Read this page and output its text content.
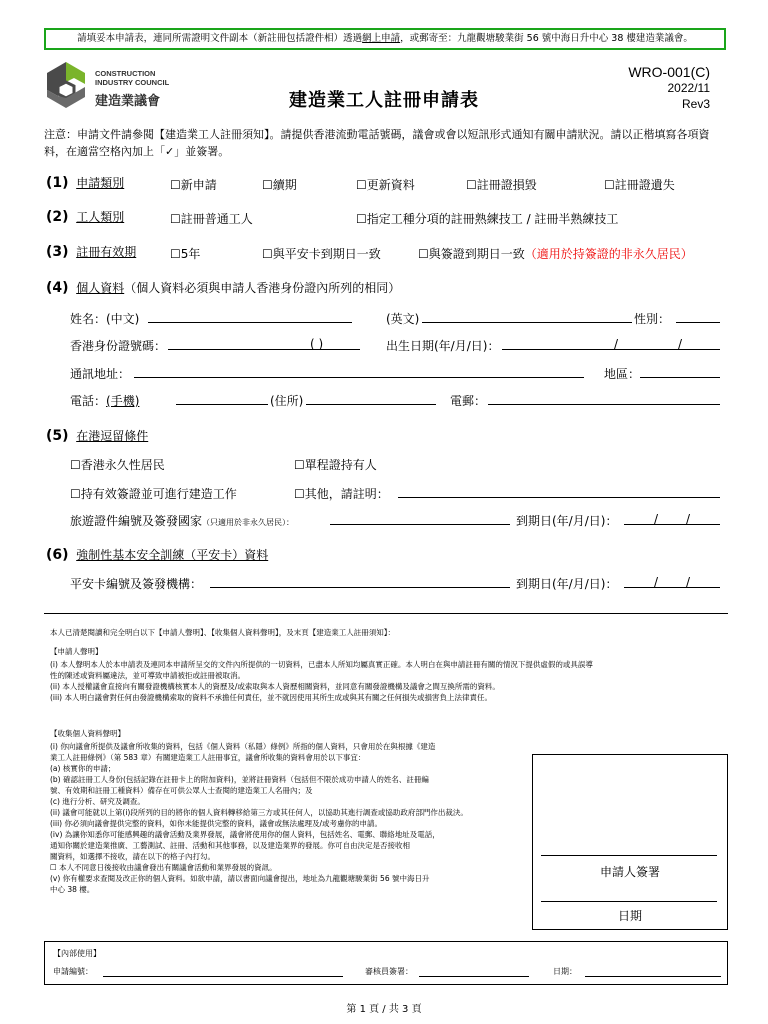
請填妥本申請表，連同所需證明文件副本（新註冊包括證件相）透過網上申請，或郵寄至：九龍觀塘駿業街 56 號中海日升中心 38 樓建造業議會。
CONSTRUCTION
INDUSTRY COUNCIL
建造業議會	建造業工人註冊申請表
WRO-001(C)
2022/11
Rev3
注意：申請文件請參閱【建造業工人註冊須知】。請提供香港流動電話號碼，議會或會以短訊形式通知有關申請狀況。請以正楷填寫各項資料，在適當空格內加上「✓」並簽署。
(1) 申請類別	☐新申請	☐續期	☐更新資料	☐註冊證損毀	☐註冊證遺失
(2) 工人類別	☐註冊普通工人	☐指定工種分項的註冊熟練技工 / 註冊半熟練技工
(3) 註冊有效期	☐5年	☐與平安卡到期日一致	☐與簽證到期日一致（適用於持簽證的非永久居民）
(4) 個人資料（個人資料必須與申請人香港身份證內所列的相同）
姓名：(中文)	(英文)	性別：
香港身份證號碼：	( )	出生日期(年/月/日)：	/	/
通訊地址：	地區：
電話：(手機)	(住所)	電郵：
(5) 在港逗留條件
☐香港永久性居民	☐單程證持有人
☐持有效簽證並可進行建造工作	☐其他，請註明：
旅遊證件編號及簽發國家（只適用於非永久居民）：	到期日(年/月/日)：	/ /
(6) 強制性基本安全訓練（平安卡）資料
平安卡編號及簽發機構：	到期日(年/月/日)：	/ /
本人已清楚閱讀和完全明白以下【申請人聲明】、【收集個人資料聲明】，及末頁【建造業工人註冊須知】：
【申請人聲明】
(i) 本人聲明本人於本申請表及連同本申請所呈交的文件內所提供的一切資料，已盡本人所知均屬真實正確。本人明白在與申請註冊有關的情況下提供虛假的或具誤導
性的陳述或資料屬違法，並可導致申請被拒或註冊被取消。
(ii) 本人授權議會直接向有關發證機構核實本人的資歷及/或索取與本人資歷相關資料，並同意有關發證機構及議會之間互換所需的資料。
(iii) 本人明白議會對任何由發證機構索取的資料不承擔任何責任，並不就因使用其所生成或與其有關之任何損失或損害負上法律責任。
【收集個人資料聲明】
(i) 你向議會所提供及議會所收集的資料，包括《個人資料（私隱）條例》所指的個人資料，只會用於在與根據《建造
業工人註冊條例》（第 583 章）有關建造業工人註冊事宜，議會所收集的資料會用於以下事宜：
(a) 核實你的申請；
(b) 確認註冊工人身份(包括記錄在註冊卡上的附加資料)，並將註冊資料（包括但不限於成功申請人的姓名、註冊編
號、有效期和註冊工種資料）備存在可供公眾人士查閱的建造業工人名冊內；及
(c) 進行分析、研究及調查。
(ii) 議會可能就以上第(i)段所列的目的將你的個人資料轉移給第三方或其任何人，以協助其進行調查或協助政府部門作出裁決。
(iii) 你必須向議會提供完整的資料，如你未能提供完整的資料，議會或無法處理及/或考慮你的申請。
(iv) 為讓你知悉你可能感興趣的議會活動及業界發展，議會將使用你的個人資料，包括姓名、電郵、聯絡地址及電話，
通知你關於建造業推廣、工藝測試、註冊、活動和其他事務，以及建造業界的發展。你可自由決定是否接收相
關資料，如選擇不接收，請在以下的格子內打勾。
☐ 本人不同意日後接收由議會發出有關議會活動和業界發展的資訊。
(v) 你有權要求查閱及改正你的個人資料。如欲申請，請以書面向議會提出，地址為九龍觀塘駿業街 56 號中海日升
中心 38 樓。
申請人簽署
日期
【內部使用】
申請編號：	審核員簽署：	日期：
第 1 頁 / 共 3 頁
